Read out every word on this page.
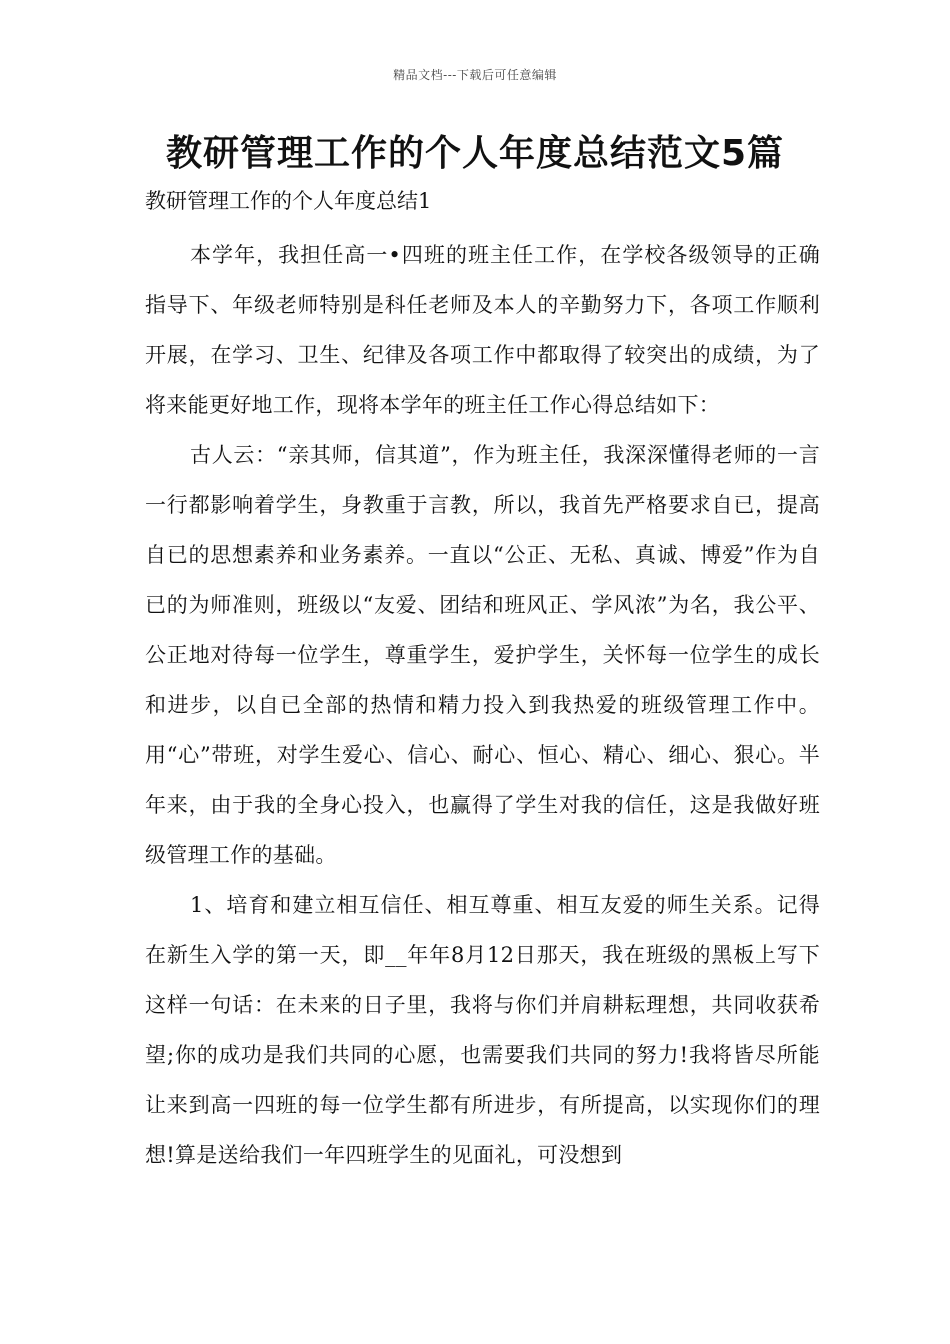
精品文档---下载后可任意编辑
教研管理工作的个人年度总结范文5篇

教研管理工作的个人年度总结1

本学年，我担任高一•四班的班主任工作，在学校各级领导的正确指导下、年级老师特别是科任老师及本人的辛勤努力下，各项工作顺利开展，在学习、卫生、纪律及各项工作中都取得了较突出的成绩，为了将来能更好地工作，现将本学年的班主任工作心得总结如下：

古人云：“亲其师，信其道”，作为班主任，我深深懂得老师的一言一行都影响着学生，身教重于言教，所以，我首先严格要求自已，提高自已的思想素养和业务素养。一直以“公正、无私、真诚、博爱”作为自已的为师准则，班级以“友爱、团结和班风正、学风浓”为名，我公平、公正地对待每一位学生，尊重学生，爱护学生，关怀每一位学生的成长和进步，以自已全部的热情和精力投入到我热爱的班级管理工作中。用“心”带班，对学生爱心、信心、耐心、恒心、精心、细心、狠心。半年来，由于我的全身心投入，也赢得了学生对我的信任，这是我做好班级管理工作的基础。

1、培育和建立相互信任、相互尊重、相互友爱的师生关系。记得在新生入学的第一天，即__年年8月12日那天，我在班级的黑板上写下这样一句话：在未来的日子里，我将与你们并肩耕耘理想，共同收获希望;你的成功是我们共同的心愿，也需要我们共同的努力!我将皆尽所能让来到高一四班的每一位学生都有所进步，有所提高，以实现你们的理想!算是送给我们一年四班学生的见面礼，可没想到
